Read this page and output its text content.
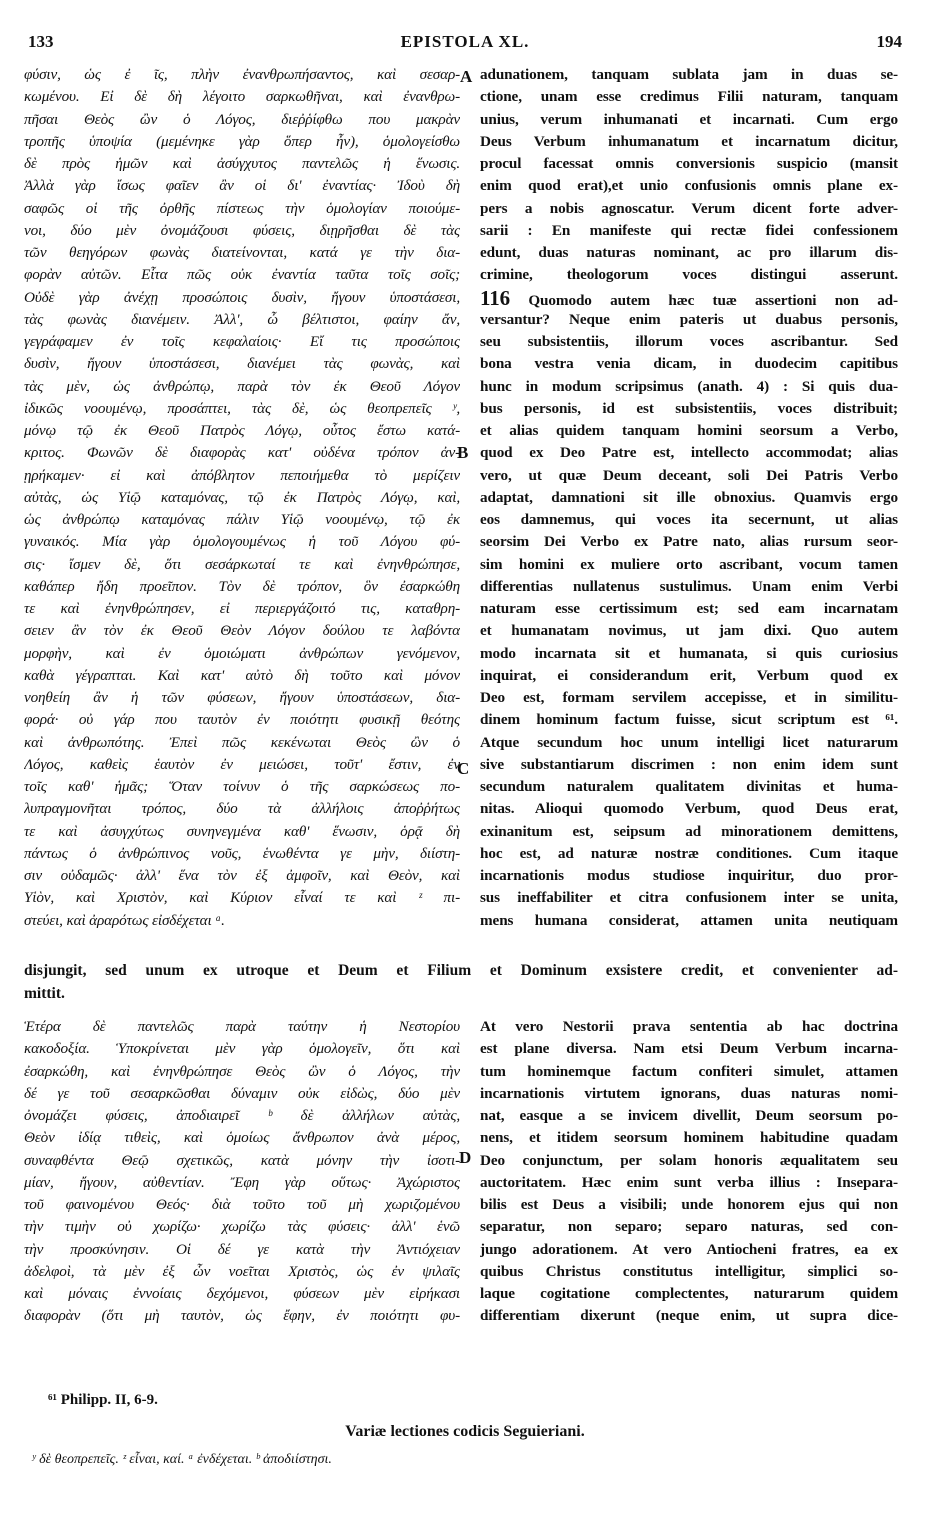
133	EPISTOLA XL.	194
A
B
C
D
φύσιν, ὡς ἐ ῖς, πλὴν ἐνανθρωπήσαντος, καὶ σεσαρ-
κωμένου. Εἰ δὲ δὴ λέγοιτο σαρκωθῆναι, καὶ ἐνανθρω-
πῆσαι Θεὸς ὢν ὁ Λόγος, διεῤῥίφθω που μακρὰν
τροπῆς ὑποψία (μεμένηκε γὰρ ὅπερ ἦν), ὁμολογείσθω
δὲ πρὸς ἡμῶν καὶ ἀσύγχυτος παντελῶς ἡ ἕνωσις.
Ἀλλὰ γὰρ ἴσως φαῖεν ἂν οἱ δι' ἐναντίας· Ἰδοὺ δὴ
σαφῶς οἱ τῆς ὀρθῆς πίστεως τὴν ὁμολογίαν ποιούμε-
νοι, δύο μὲν ὀνομάζουσι φύσεις, διῃρῆσθαι δὲ τὰς
τῶν θεηγόρων φωνὰς διατείνονται, κατά γε τὴν δια-
φορὰν αὐτῶν. Εἶτα πῶς οὐκ ἐναντία ταῦτα τοῖς σοῖς;
Οὐδὲ γὰρ ἀνέχῃ προσώποις δυσὶν, ἤγουν ὑποστάσεσι,
τὰς φωνὰς διανέμειν. Ἀλλ', ὦ βέλτιστοι, φαίην ἄν,
γεγράφαμεν ἐν τοῖς κεφαλαίοις· Εἴ τις προσώποις
δυσὶν, ἤγουν ὑποστάσεσι, διανέμει τὰς φωνὰς, καὶ
τὰς μὲν, ὡς ἀνθρώπῳ, παρὰ τὸν ἐκ Θεοῦ Λόγον
ἰδικῶς νοουμένῳ, προσάπτει, τὰς δὲ, ὡς θεοπρεπεῖς ʸ,
μόνῳ τῷ ἐκ Θεοῦ Πατρὸς Λόγῳ, οὗτος ἔστω κατά-
κριτος. Φωνῶν δὲ διαφορὰς κατ' οὐδένα τρόπον ἀν-
ῃρήκαμεν· εἰ καὶ ἀπόβλητον πεποιήμεθα τὸ μερίζειν
αὐτὰς, ὡς Υἱῷ καταμόνας, τῷ ἐκ Πατρὸς Λόγῳ, καὶ,
ὡς ἀνθρώπῳ καταμόνας πάλιν Υἱῷ νοουμένῳ, τῷ ἐκ
γυναικός. Μία γὰρ ὁμολογουμένως ἡ τοῦ Λόγου φύ-
σις· ἴσμεν δὲ, ὅτι σεσάρκωταί τε καὶ ἐνηνθρώπησε,
καθάπερ ἤδη προεῖπον. Τὸν δὲ τρόπον, ὃν ἐσαρκώθη
τε καὶ ἐνηνθρώπησεν, εἰ περιεργάζοιτό τις, καταθρη-
σειεν ἂν τὸν ἐκ Θεοῦ Θεὸν Λόγον δούλου τε λαβόντα
μορφὴν, καὶ ἐν ὁμοιώματι ἀνθρώπων γενόμενον,
καθὰ γέγραπται. Καὶ κατ' αὐτὸ δὴ τοῦτο καὶ μόνον
νοηθείη ἂν ἡ τῶν φύσεων, ἤγουν ὑποστάσεων, δια-
φορά· οὐ γάρ που ταυτὸν ἐν ποιότητι φυσικῇ θεότης
καὶ ἀνθρωπότης. Ἐπεὶ πῶς κεκένωται Θεὸς ὢν ὁ
Λόγος, καθεὶς ἑαυτὸν ἐν μειώσει, τοῦτ' ἔστιν, ἐν
τοῖς καθ' ἡμᾶς; Ὅταν τοίνυν ὁ τῆς σαρκώσεως πο-
λυπραγμονῆται τρόπος, δύο τὰ ἀλλήλοις ἀποῤῥήτως
τε καὶ ἀσυγχύτως συνηνεγμένα καθ' ἕνωσιν, ὁρᾷ δὴ
πάντως ὁ ἀνθρώπινος νοῦς, ἑνωθέντα γε μὴν, διίστη-
σιν οὐδαμῶς· ἀλλ' ἕνα τὸν ἐξ ἀμφοῖν, καὶ Θεὸν, καὶ
Υἱὸν, καὶ Χριστὸν, καὶ Κύριον εἶναί τε καὶ ᶻ πι-
στεύει, καὶ ἀραρότως εἰσδέχεται ᵃ.
adunationem, tanquam sublata jam in duas se-
ctione, unam esse credimus Filii naturam, tanquam
unius, verum inhumanati et incarnati. Cum ergo
Deus Verbum inhumanatum et incarnatum dicitur,
procul facessat omnis conversionis suspicio (mansit
enim quod erat),et unio confusionis omnis plane ex-
pers a nobis agnoscatur. Verum dicent forte adver-
sarii : En manifeste qui rectæ fidei confessionem
edunt, duas naturas nominant, ac pro illarum dis-
crimine, theologorum voces distingui asserunt.
116 Quomodo autem hæc tuæ assertioni non ad-
versantur? Neque enim pateris ut duabus personis,
seu subsistentiis, illorum voces ascribantur. Sed
bona vestra venia dicam, in duodecim capitibus
hunc in modum scripsimus (anath. 4) : Si quis dua-
bus personis, id est subsistentiis, voces distribuit;
et alias quidem tanquam homini seorsum a Verbo,
quod ex Deo Patre est, intellecto accommodat; alias
vero, ut quæ Deum deceant, soli Dei Patris Verbo
adaptat, damnationi sit ille obnoxius. Quamvis ergo
eos damnemus, qui voces ita secernunt, ut alias
seorsim Dei Verbo ex Patre nato, alias rursum seor-
sim homini ex muliere orto ascribant, vocum tamen
differentias nullatenus sustulimus. Unam enim Verbi
naturam esse certissimum est; sed eam incarnatam
et humanatam novimus, ut jam dixi. Quo autem
modo incarnata sit et humanata, si quis curiosius
inquirat, ei considerandum erit, Verbum quod ex
Deo est, formam servilem accepisse, et in similitu-
dinem hominum factum fuisse, sicut scriptum est ⁶¹.
Atque secundum hoc unum intelligi licet naturarum
sive substantiarum discrimen : non enim idem sunt
secundum naturalem qualitatem divinitas et huma-
nitas. Alioqui quomodo Verbum, quod Deus erat,
exinanitum est, seipsum ad minorationem demittens,
hoc est, ad naturæ nostræ conditiones. Cum itaque
incarnationis modus studiose inquiritur, duo pror-
sus ineffabiliter et citra confusionem inter se unita,
mens humana considerat, attamen unita neutiquam
disjungit, sed unum ex utroque et Deum et Filium et Dominum exsistere credit, et convenienter ad-
mittit.
Ἑτέρα δὲ παντελῶς παρὰ ταύτην ἡ Νεστορίου
κακοδοξία. Ὑποκρίνεται μὲν γὰρ ὁμολογεῖν, ὅτι καὶ
ἐσαρκώθη, καὶ ἐνηνθρώπησε Θεὸς ὢν ὁ Λόγος, τὴν
δέ γε τοῦ σεσαρκῶσθαι δύναμιν οὐκ εἰδὼς, δύο μὲν
ὀνομάζει φύσεις, ἀποδιαιρεῖ ᵇ δὲ ἀλλήλων αὐτὰς,
Θεὸν ἰδίᾳ τιθεὶς, καὶ ὁμοίως ἄνθρωπον ἀνὰ μέρος,
συναφθέντα Θεῷ σχετικῶς, κατὰ μόνην τὴν ἰσοτι-
μίαν, ἤγουν, αὐθεντίαν. Ἔφη γὰρ οὕτως· Ἀχώριστος
τοῦ φαινομένου Θεός· διὰ τοῦτο τοῦ μὴ χωριζομένου
τὴν τιμὴν οὐ χωρίζω· χωρίζω τὰς φύσεις· ἀλλ' ἑνῶ
τὴν προσκύνησιν. Οἱ δέ γε κατὰ τὴν Ἀντιόχειαν
ἀδελφοὶ, τὰ μὲν ἐξ ὧν νοεῖται Χριστὸς, ὡς ἐν ψιλαῖς
καὶ μόναις ἐννοίαις δεχόμενοι, φύσεων μὲν εἰρήκασι
διαφορὰν (ὅτι μὴ ταυτὸν, ὡς ἔφην, ἐν ποιότητι φυ-
At vero Nestorii prava sententia ab hac doctrina
est plane diversa. Nam etsi Deum Verbum incarna-
tum hominemque factum confiteri simulet, attamen
incarnationis virtutem ignorans, duas naturas nomi-
nat, easque a se invicem divellit, Deum seorsum po-
nens, et itidem seorsum hominem habitudine quadam
Deo conjunctum, per solam honoris æqualitatem seu
auctoritatem. Hæc enim sunt verba illius : Insepara-
bilis est Deus a visibili; unde honorem ejus qui non
separatur, non separo; separo naturas, sed con-
jungo adorationem. At vero Antiocheni fratres, ea ex
quibus Christus constitutus intelligitur, simplici so-
laque cogitatione complectentes, naturarum quidem
differentiam dixerunt (neque enim, ut supra dice-
⁶¹ Philipp. II, 6-9.
Variæ lectiones codicis Seguieriani.
ʸ δὲ θεοπρεπεῖς. ᶻ εἶναι, καί. ᵃ ἐνδέχεται. ᵇ ἀποδιίστησι.
